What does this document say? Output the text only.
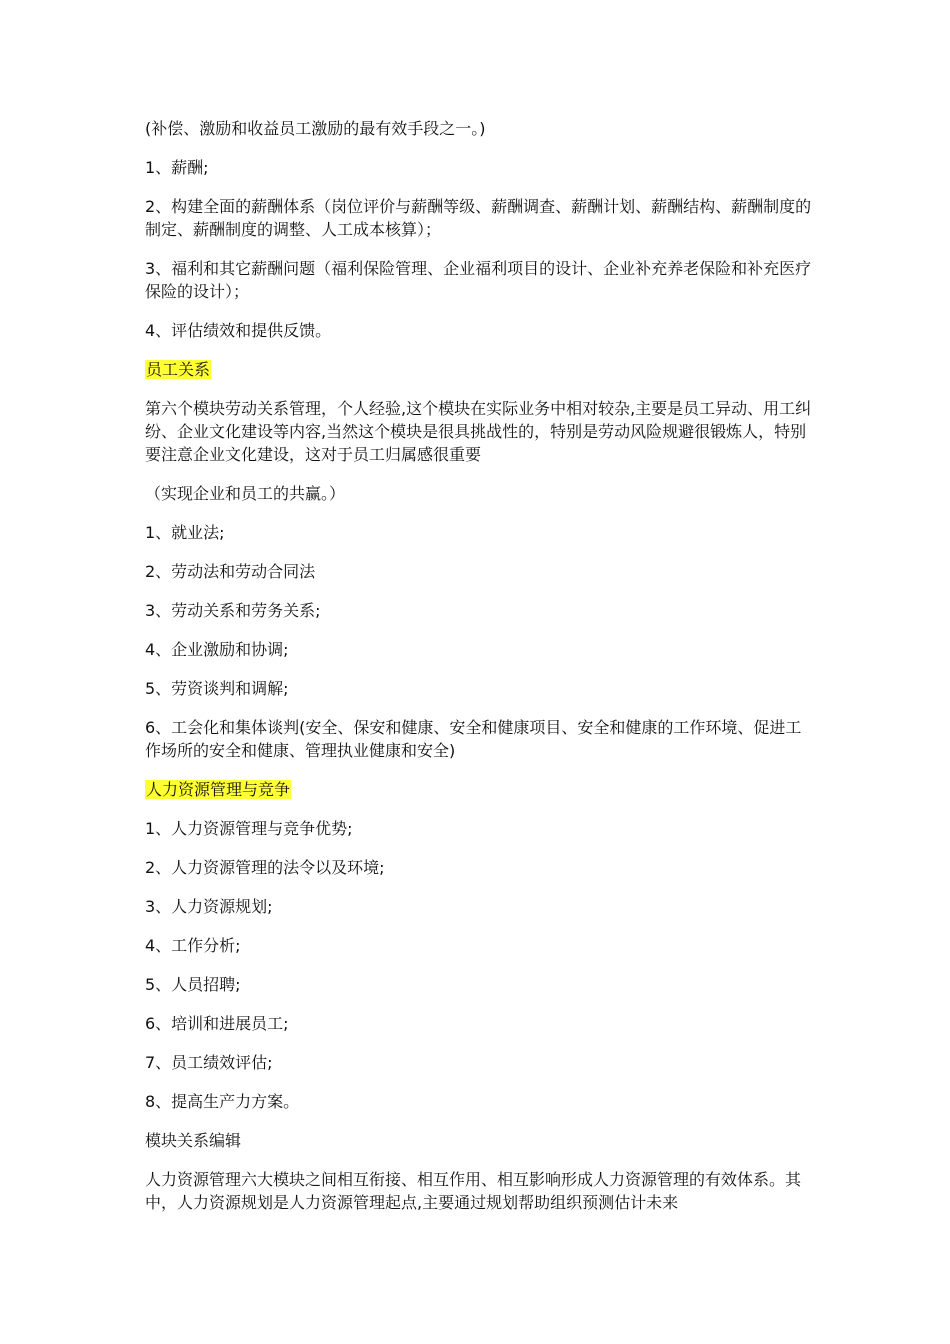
(补偿、激励和收益员工激励的最有效手段之一。)

1、薪酬;

2、构建全面的薪酬体系（岗位评价与薪酬等级、薪酬调查、薪酬计划、薪酬结构、薪酬制度的制定、薪酬制度的调整、人工成本核算）；

3、福利和其它薪酬问题（福利保险管理、企业福利项目的设计、企业补充养老保险和补充医疗保险的设计）；

4、评估绩效和提供反馈。

员工关系

第六个模块劳动关系管理，个人经验,这个模块在实际业务中相对较杂,主要是员工异动、用工纠纷、企业文化建设等内容,当然这个模块是很具挑战性的，特别是劳动风险规避很锻炼人，特别要注意企业文化建设，这对于员工归属感很重要

（实现企业和员工的共赢。）

1、就业法;

2、劳动法和劳动合同法

3、劳动关系和劳务关系;

4、企业激励和协调;

5、劳资谈判和调解;

6、工会化和集体谈判(安全、保安和健康、安全和健康项目、安全和健康的工作环境、促进工作场所的安全和健康、管理执业健康和安全)

人力资源管理与竞争

1、人力资源管理与竞争优势;

2、人力资源管理的法令以及环境;

3、人力资源规划;

4、工作分析;

5、人员招聘;

6、培训和进展员工;

7、员工绩效评估;

8、提高生产力方案。

模块关系编辑

人力资源管理六大模块之间相互衔接、相互作用、相互影响形成人力资源管理的有效体系。其中，人力资源规划是人力资源管理起点,主要通过规划帮助组织预测估计未来
